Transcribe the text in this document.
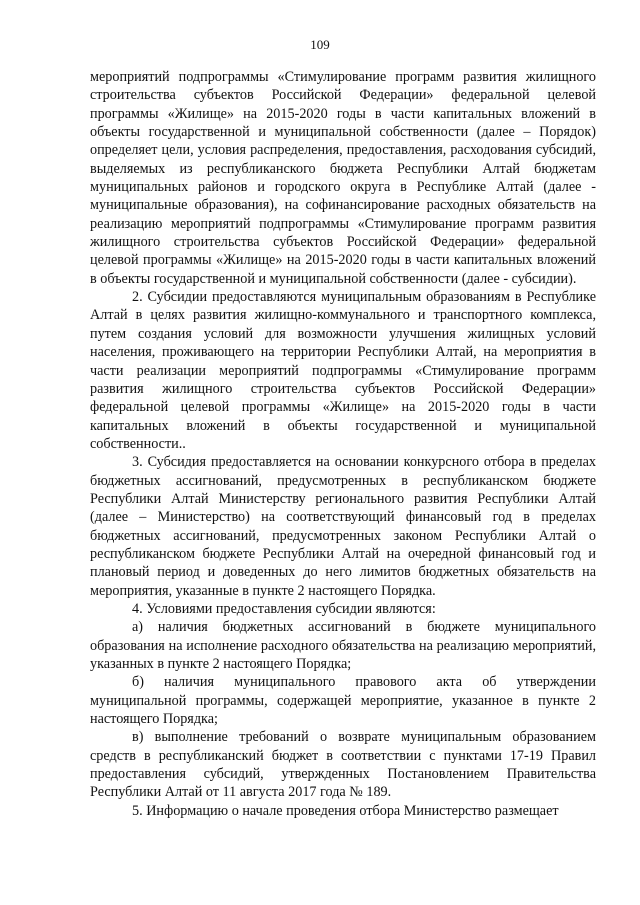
109

мероприятий подпрограммы «Стимулирование программ развития жилищного строительства субъектов Российской Федерации» федеральной целевой программы «Жилище» на 2015-2020 годы в части капитальных вложений в объекты государственной и муниципальной собственности (далее – Порядок) определяет цели, условия распределения, предоставления, расходования субсидий, выделяемых из республиканского бюджета Республики Алтай бюджетам муниципальных районов и городского округа в Республике Алтай (далее - муниципальные образования), на софинансирование расходных обязательств на реализацию мероприятий подпрограммы «Стимулирование программ развития жилищного строительства субъектов Российской Федерации» федеральной целевой программы «Жилище» на 2015-2020 годы в части капитальных вложений в объекты государственной и муниципальной собственности (далее - субсидии).

2. Субсидии предоставляются муниципальным образованиям в Республике Алтай в целях развития жилищно-коммунального и транспортного комплекса, путем создания условий для возможности улучшения жилищных условий населения, проживающего на территории Республики Алтай, на мероприятия в части реализации мероприятий подпрограммы «Стимулирование программ развития жилищного строительства субъектов Российской Федерации» федеральной целевой программы «Жилище» на 2015-2020 годы в части капитальных вложений в объекты государственной и муниципальной собственности..

3. Субсидия предоставляется на основании конкурсного отбора в пределах бюджетных ассигнований, предусмотренных в республиканском бюджете Республики Алтай Министерству регионального развития Республики Алтай (далее – Министерство) на соответствующий финансовый год в пределах бюджетных ассигнований, предусмотренных законом Республики Алтай о республиканском бюджете Республики Алтай на очередной финансовый год и плановый период и доведенных до него лимитов бюджетных обязательств на мероприятия, указанные в пункте 2 настоящего Порядка.

4. Условиями предоставления субсидии являются:

а) наличия бюджетных ассигнований в бюджете муниципального образования на исполнение расходного обязательства на реализацию мероприятий, указанных в пункте 2 настоящего Порядка;

б) наличия муниципального правового акта об утверждении муниципальной программы, содержащей мероприятие, указанное в пункте 2 настоящего Порядка;

в) выполнение требований о возврате муниципальным образованием средств в республиканский бюджет в соответствии с пунктами 17-19 Правил предоставления субсидий, утвержденных Постановлением Правительства Республики Алтай от 11 августа 2017 года № 189.

5. Информацию о начале проведения отбора Министерство размещает
